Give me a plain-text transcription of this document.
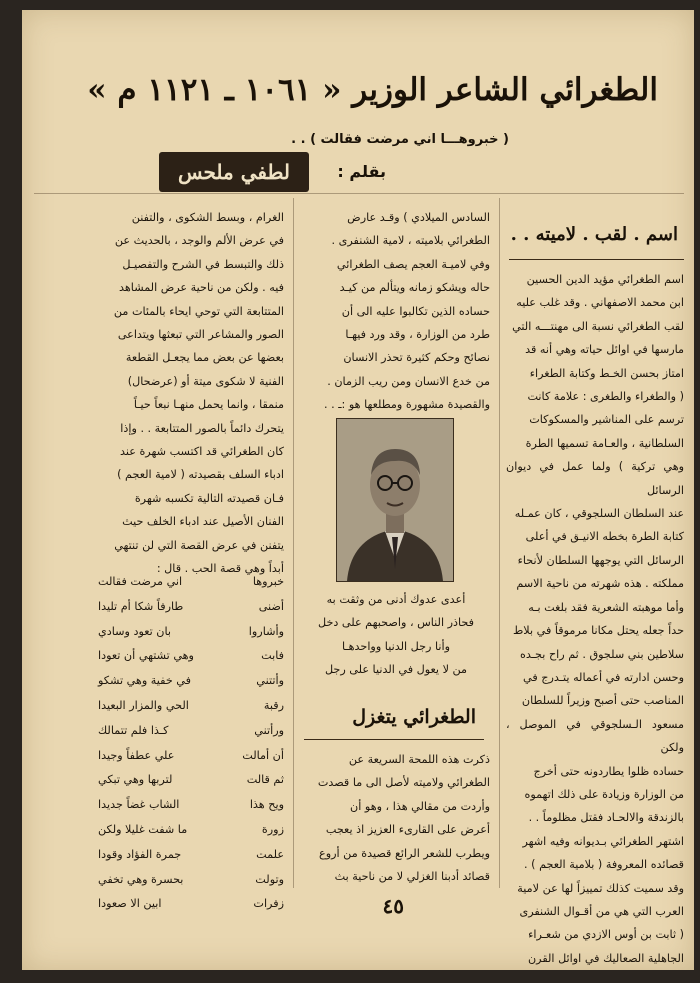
الطغرائي الشاعر الوزير « ١٠٦١ ـ ١١٢١ م »
( خبروهـــا اني مرضت فقالت ) . .
بقلم :
لطفي ملحس
اسم . لقب . لاميته . .

اسم الطغرائي مؤيد الدين الحسين

ابن محمد الاصفهاني . وقد غلب عليه

لقب الطغرائي نسبة الى مهنتـــه التي

مارسها في اوائل حياته وهي أنه قد

امتاز بحسن الخـط وكتابة الطغراء

( والطغراء والطغرى : علامة كانت

ترسم على المناشير والمسكوكات

السلطانية ، والعـامة تسميها الطرة

وهي تركية ) ولما عمل في ديوان الرسائل

عند السلطان السلجوقي ، كان عمـله

كتابة الطرة بخطه الانيـق في أعلى

الرسائل التي يوجهها السلطان لأنحاء

مملكته . هذه شهرته من ناحية الاسم

وأما موهبته الشعرية فقد بلغت بـه

حداً جعله يحتل مكانا مرموقاً في بلاط

سلاطين بني سلجوق . ثم راح بجـده

وحسن ادارته في أعماله يتـدرج في

المناصب حتى أصبح وزيراً للسلطان

مسعود الـسلجوقي في الموصل ، ولكن

حساده ظلوا يطاردونه حتى أخرج

من الوزارة وزيادة على ذلك اتهموه

بالزندقة والالحـاد فقتل مظلوماً . .

اشتهر الطغرائي بـديوانه وفيه اشهر

قصائده المعروفة ( بلامية العجم ) .

وقد سميت كذلك تمييزاً لها عن لامية

العرب التي هي من أقـوال الشنفرى

( ثابت بن أوس الازدي من شعـراء

الجاهلية الصعاليك في اوائل القرن

السادس الميلادي ) وقـد عارض

الطغرائي بلاميته ، لامية الشنفرى .

وفي لاميـة العجم يصف الطغرائي

حاله ويشكو زمانه ويتألم من كيـد

حساده الذين تكالبوا عليه الى أن

طرد من الوزارة ، وقد ورد فيهـا

نصائح وحكم كثيرة تحذر الانسان

من خدع الانسان ومن ريب الزمان .

والقصيدة مشهورة ومطلعها هو :ـ . .

أعدى عدوك أدنى من وثقت به

فحاذر الناس ، واصحبهم على دخل

وأنا رجل الدنيا وواحدهـا

من لا يعول في الدنيا على رجل

الطغرائي يتغزل

ذكرت هذه اللمحة السريعة عن

الطغرائي ولاميته لأصل الى ما قصدت

وأردت من مقالي هذا ، وهو أن

أعرض على القارىء العزيز اذ يعجب

ويطرب للشعر الرائع قصيدة من أروع

قصائد أدبنا الغزلي لا من ناحية بث

الغرام ، وبسط الشكوى ، والتفنن

في عرض الألم والوجد ، بالحديث عن

ذلك والتبسط في الشرح والتفصيـل

فيه . ولكن من ناحية عرض المشاهد

المتتابعة التي توحي ايحاء بالمئات من

الصور والمشاعر التي تبعثها ويتداعى

بعضها عن بعض مما يجعـل القطعة

الفنية لا شكوى ميتة أو (عرضحال)

منمقا ، وانما يحمل منهـا نبعاً حيـاً

يتحرك دائماً بالصور المتتابعة . . وإذا

كان الطغرائي قد اكتسب شهرة عند

ادباء السلف بقصيدته ( لامية العجم )

فـان قصيدته التالية تكسبه شهرة

الفنان الأصيل عند ادباء الخلف حيث

يتفنن في عرض القصة التي لن تنتهي

أبداً وهي قصة الحب . قال :

خبروها
اني مرضت فقالت
أضنى
طارفاً شكا أم تليدا
وأشاروا
بان تعود وسادي
فابت
وهي تشتهي أن تعودا
وأتتني
في خفية وهي تشكو
رقبة
الحي والمزار البعيدا
ورأتني
كـذا فلم تتمالك
أن أمالت
علي عطفاً وجيدا
ثم قالت
لتربها وهي تبكي
ويح هذا
الشاب غضاً جديدا
زورة
ما شفت غليلا ولكن
علمت
جمرة الفؤاد وقودا
وتولت
بحسرة وهي تخفي
زفرات
ابين الا صعودا	٤٥
